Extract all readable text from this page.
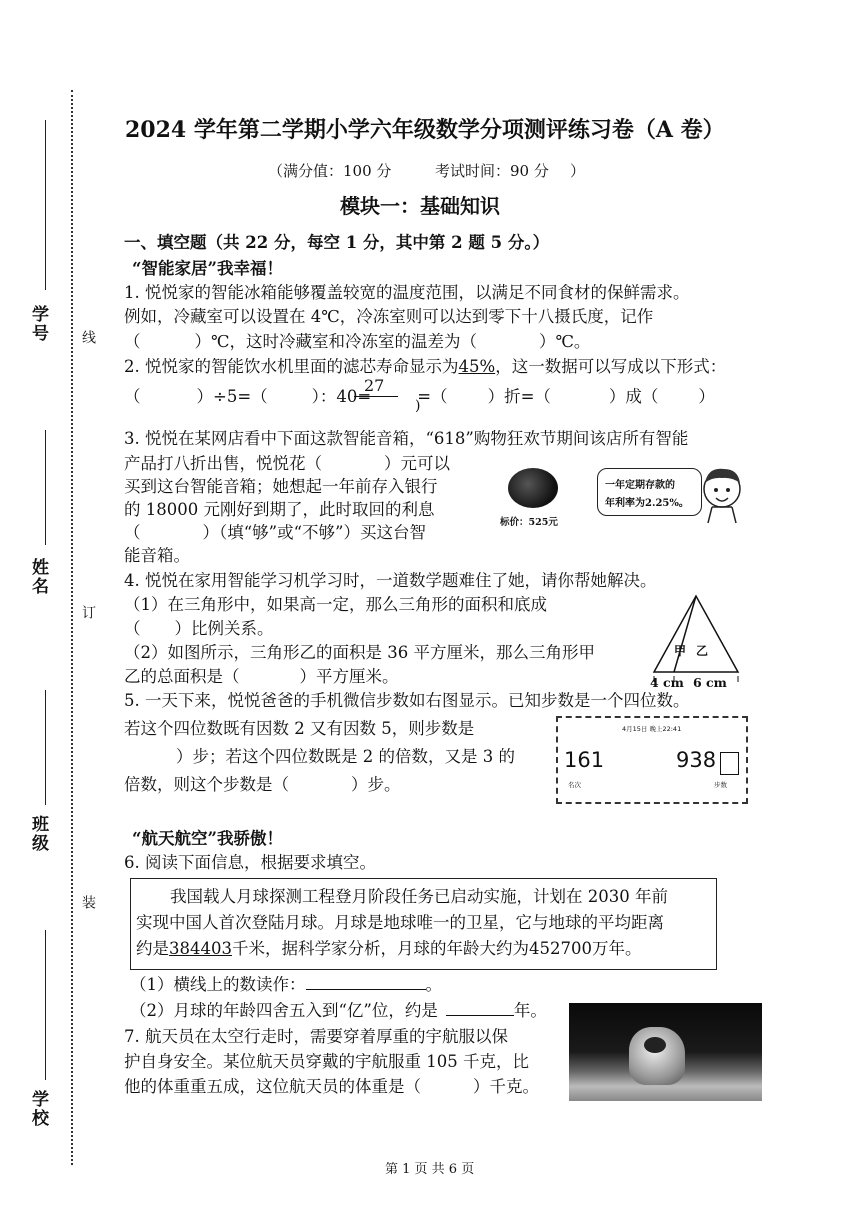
学校
班级
姓名
学号 线
订
装
2024 学年第二学期小学六年级数学分项测评练习卷（A 卷）
（满分值：100 分	考试时间：90 分 ）
模块一：基础知识
一、填空题（共 22 分，每空 1 分，其中第 2 题 5 分。）
“智能家居”我幸福！
1. 悦悦家的智能冰箱能够覆盖较宽的温度范围，以满足不同食材的保鲜需求。
例如，冷藏室可以设置在 4℃，冷冻室则可以达到零下十八摄氏度，记作
（	）℃，这时冷藏室和冷冻室的温差为（	）℃。
2. 悦悦家的智能饮水机里面的滤芯寿命显示为45%，这一数据可以写成以下形式：
（	）÷5=（	）：40=	=（ ）折=（	）成（ ）
27
)
3. 悦悦在某网店看中下面这款智能音箱，“618”购物狂欢节期间该店所有智能
产品打八折出售，悦悦花（	）元可以
买到这台智能音箱；她想起一年前存入银行
的 18000 元刚好到期了，此时取回的利息
（	）（填“够”或“不够”）买这台智
能音箱。
标价：525元
一年定期存款的
年利率为2.25%。
4. 悦悦在家用智能学习机学习时，一道数学题难住了她，请你帮她解决。
（1）在三角形中，如果高一定，那么三角形的面积和底成
（ ）比例关系。
（2）如图所示，三角形乙的面积是 36 平方厘米，那么三角形甲
乙的总面积是（	）平方厘米。
甲 乙
4 cm 6 cm
5. 一天下来，悦悦爸爸的手机微信步数如右图显示。已知步数是一个四位数。
若这个四位数既有因数 2 又有因数 5，则步数是
）步；若这个四位数既是 2 的倍数，又是 3 的
倍数，则这个步数是（	）步。
4月15日 晚上22:41
161
名次
938
步数
“航天航空”我骄傲！
6. 阅读下面信息，根据要求填空。
我国载人月球探测工程登月阶段任务已启动实施，计划在 2030 年前
实现中国人首次登陆月球。月球是地球唯一的卫星，它与地球的平均距离
约是384403千米，据科学家分析，月球的年龄大约为452700万年。
（1）横线上的数读作：	。
（2）月球的年龄四舍五入到“亿”位，约是	年。
7. 航天员在太空行走时，需要穿着厚重的宇航服以保
护自身安全。某位航天员穿戴的宇航服重 105 千克，比
他的体重重五成，这位航天员的体重是（	）千克。
第 1 页 共 6 页
